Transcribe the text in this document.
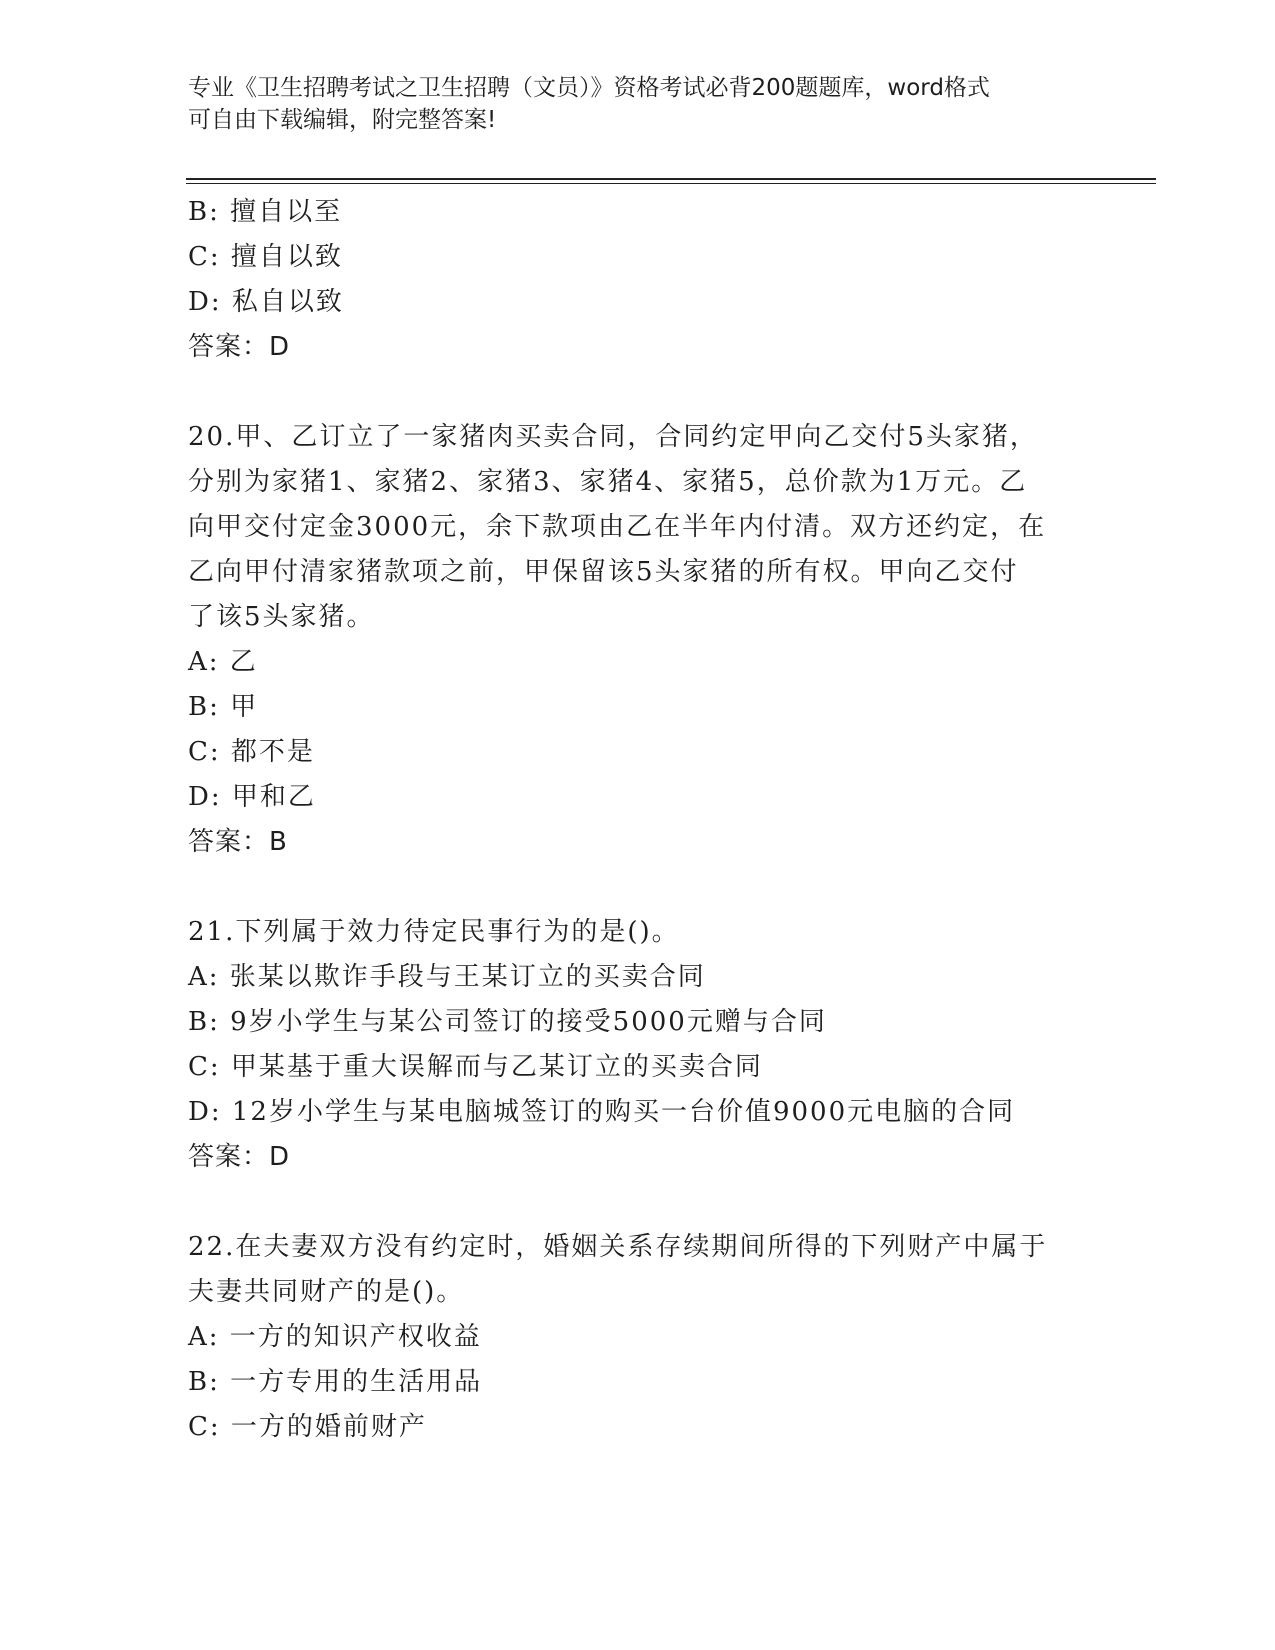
专业《卫生招聘考试之卫生招聘（文员）》资格考试必背200题题库，word格式
可自由下载编辑，附完整答案!
B: 擅自以至
C: 擅自以致
D: 私自以致
答案：D
20.甲、乙订立了一家猪肉买卖合同，合同约定甲向乙交付5头家猪，
分别为家猪1、家猪2、家猪3、家猪4、家猪5，总价款为1万元。乙
向甲交付定金3000元，余下款项由乙在半年内付清。双方还约定，在
乙向甲付清家猪款项之前，甲保留该5头家猪的所有权。甲向乙交付
了该5头家猪。
A: 乙
B: 甲
C: 都不是
D: 甲和乙
答案：B
21.下列属于效力待定民事行为的是()。
A: 张某以欺诈手段与王某订立的买卖合同
B: 9岁小学生与某公司签订的接受5000元赠与合同
C: 甲某基于重大误解而与乙某订立的买卖合同
D: 12岁小学生与某电脑城签订的购买一台价值9000元电脑的合同
答案：D
22.在夫妻双方没有约定时，婚姻关系存续期间所得的下列财产中属于
夫妻共同财产的是()。
A: 一方的知识产权收益
B: 一方专用的生活用品
C: 一方的婚前财产
